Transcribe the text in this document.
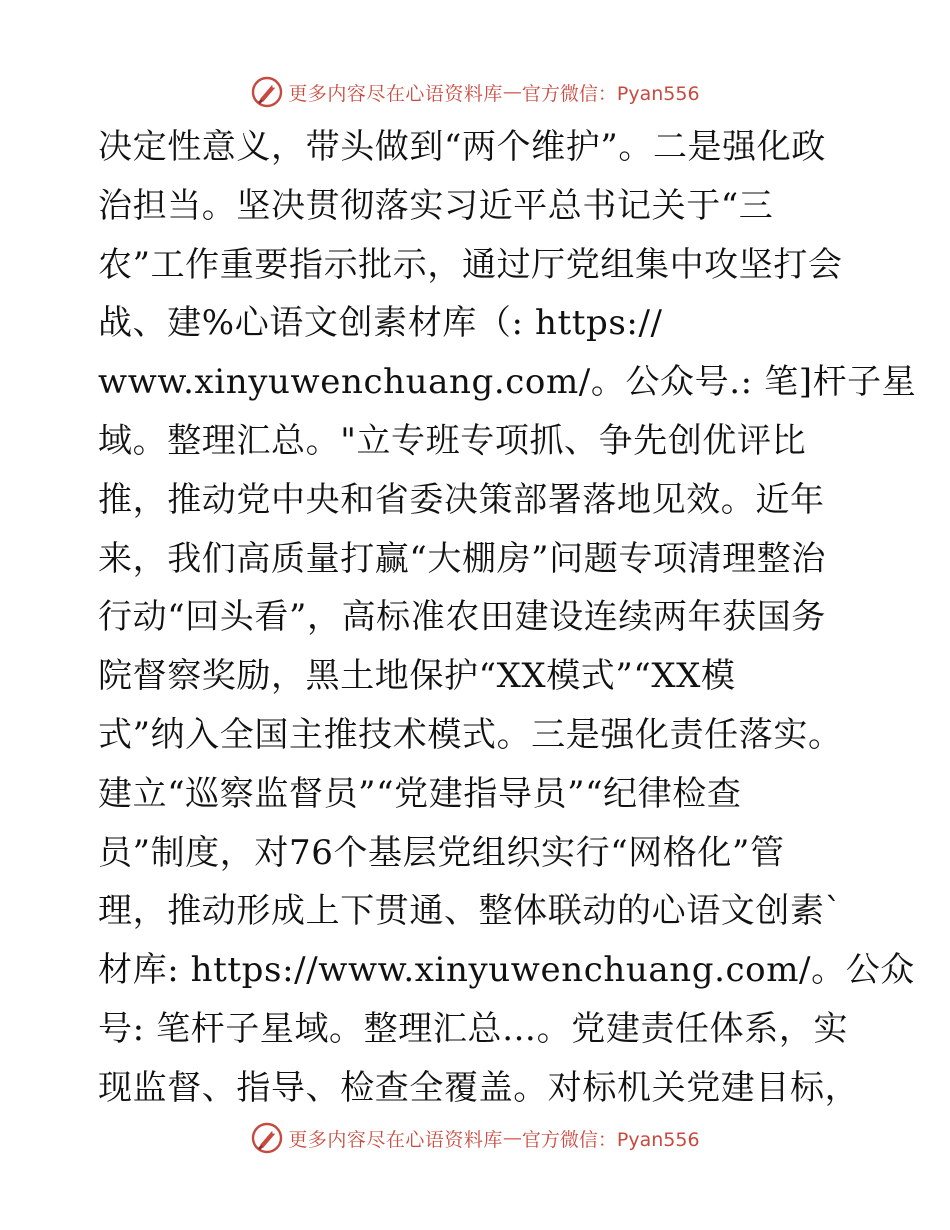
更多内容尽在心语资料库 — 官方微信：Pyan556
决定性意义，带头做到“两个维护”。二是强化政
治担当。坚决贯彻落实习近平总书记关于“三
农”工作重要指示批示，通过厅党组集中攻坚打会
战、建%心语文创素材库（: https://
www.xinyuwenchuang.com/。公众号.: 笔]杆子星
域。整理汇总。"立专班专项抓、争先创优评比
推，推动党中央和省委决策部署落地见效。近年
来，我们高质量打赢“大棚房”问题专项清理整治
行动“回头看”，高标准农田建设连续两年获国务
院督察奖励，黑土地保护“XX模式”“XX模
式”纳入全国主推技术模式。三是强化责任落实。
建立“巡察监督员”“党建指导员”“纪律检查
员”制度，对76个基层党组织实行“网格化”管
理，推动形成上下贯通、整体联动的心语文创素`
材库: https://www.xinyuwenchuang.com/。公众
号: 笔杆子星域。整理汇总…。党建责任体系，实
现监督、指导、检查全覆盖。对标机关党建目标，
更多内容尽在心语资料库 — 官方微信：Pyan556
